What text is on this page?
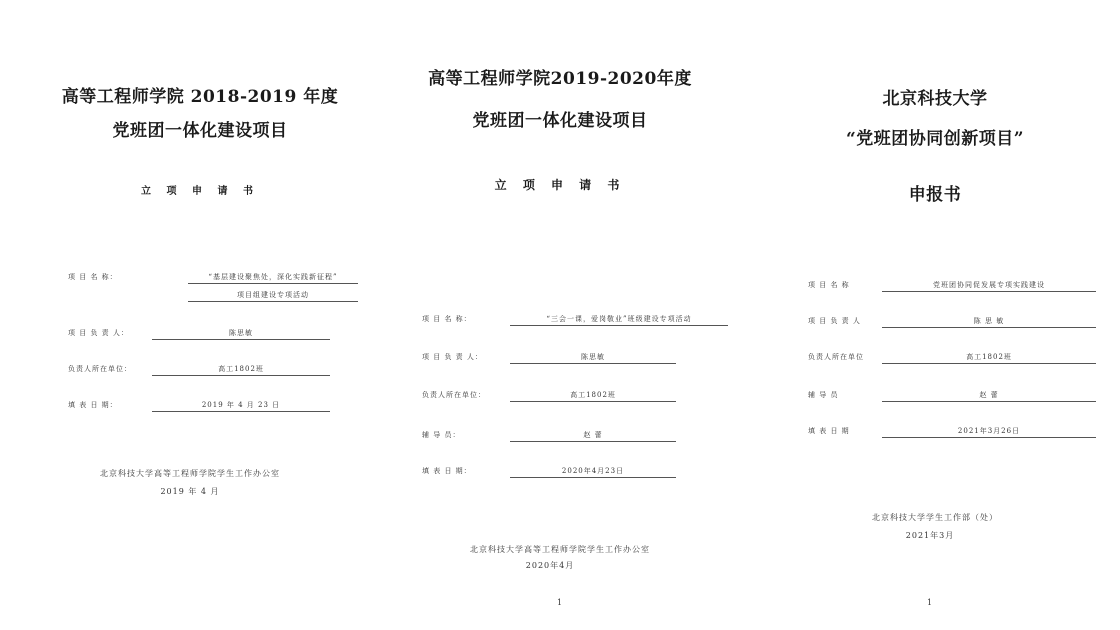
高等工程师学院 2018-2019 年度
党班团一体化建设项目
立 项 申 请 书
项 目 名 称：	“基层建设聚焦处，深化实践新征程”
项目组建设专项活动
项 目 负 责 人：	陈思敏
负责人所在单位：	高工1802班
填 表 日 期：	2019 年 4 月 23 日
北京科技大学高等工程师学院学生工作办公室
2019 年 4 月
高等工程师学院2019-2020年度
党班团一体化建设项目
立 项 申 请 书
项 目 名 称：	“三会一课，爱岗敬业”班级建设专项活动
项 目 负 责 人：	陈思敏
负责人所在单位：	高工1802班
辅 导 员：	赵 蕾
填 表 日 期：	2020年4月23日
北京科技大学高等工程师学院学生工作办公室
2020年4月
1
北京科技大学
“党班团协同创新项目”
申报书
项 目 名 称	党班团协同促发展专项实践建设
项 目 负 责 人	陈 思 敏
负责人所在单位	高工1802班
辅 导 员	赵 蕾
填 表 日 期	2021年3月26日
北京科技大学学生工作部（处）
2021年3月
1
